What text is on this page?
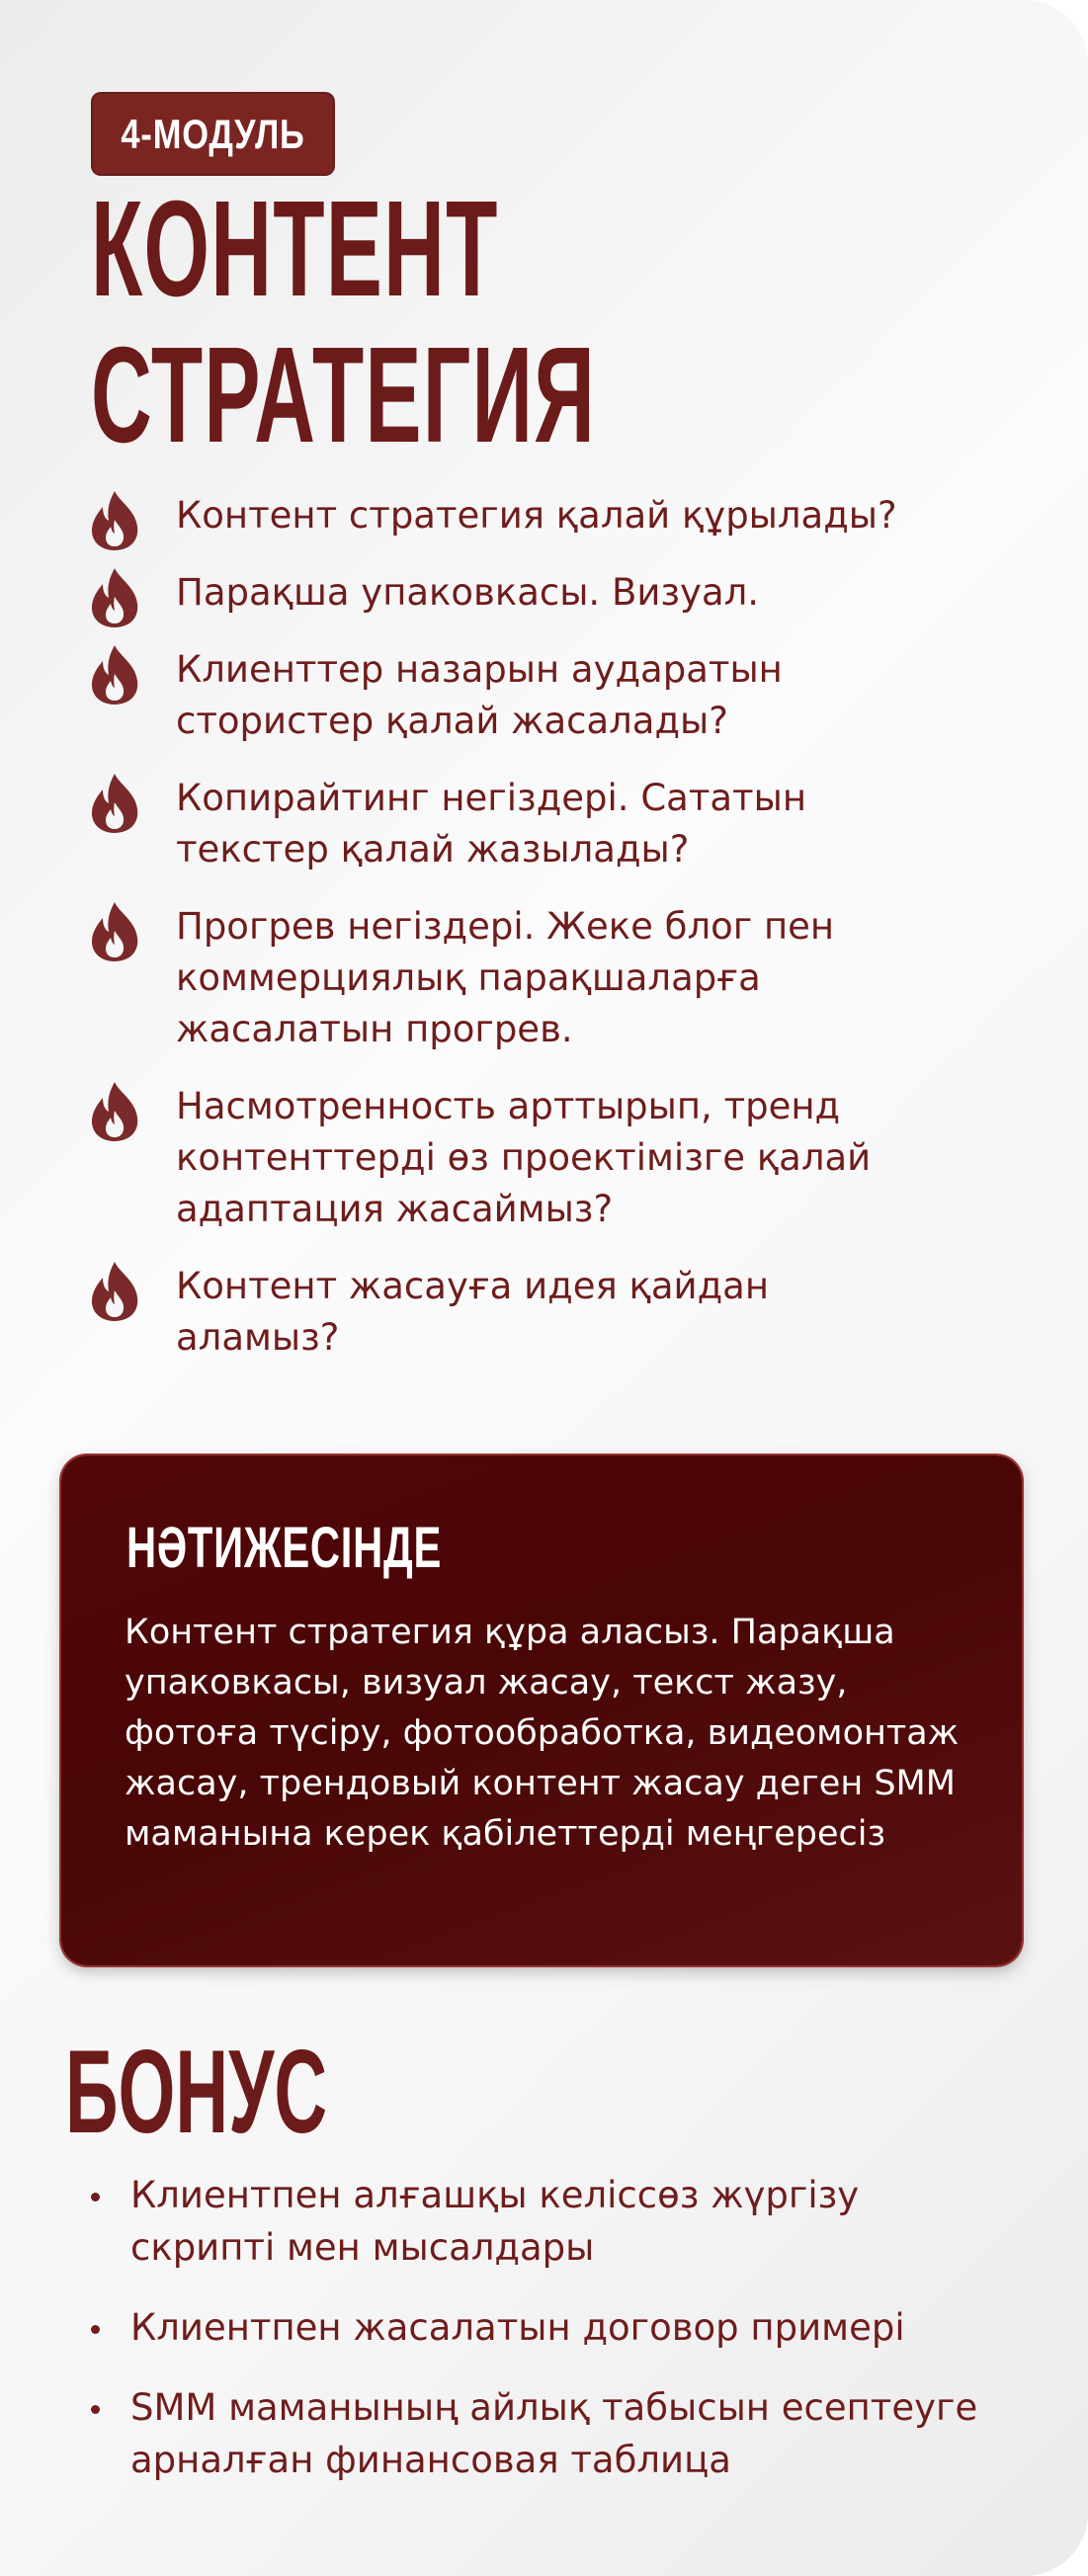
4-МОДУЛЬ
КОНТЕНТ
СТРАТЕГИЯ
Контент стратегия қалай құрылады?
Парақша упаковкасы. Визуал.
Клиенттер назарын аударатын стористер қалай жасалады?
Копирайтинг негіздері. Сататын текстер қалай жазылады?
Прогрев негіздері. Жеке блог пен коммерциялық парақшаларға жасалатын прогрев.
Насмотренность арттырып, тренд контенттерді өз проектімізге қалай адаптация жасаймыз?
Контент жасауға идея қайдан аламыз?
НӘТИЖЕСІНДЕ

Контент стратегия құра аласыз. Парақша упаковкасы, визуал жасау, текст жазу, фотоға түсіру, фотообработка, видеомонтаж жасау, трендовый контент жасау деген SMM маманына керек қабілеттерді меңгересіз

БОНУС
Клиентпен алғашқы келіссөз жүргізу скрипті мен мысалдары
Клиентпен жасалатын договор примері
SMM маманының айлық табысын есептеуге арналған финансовая таблица
